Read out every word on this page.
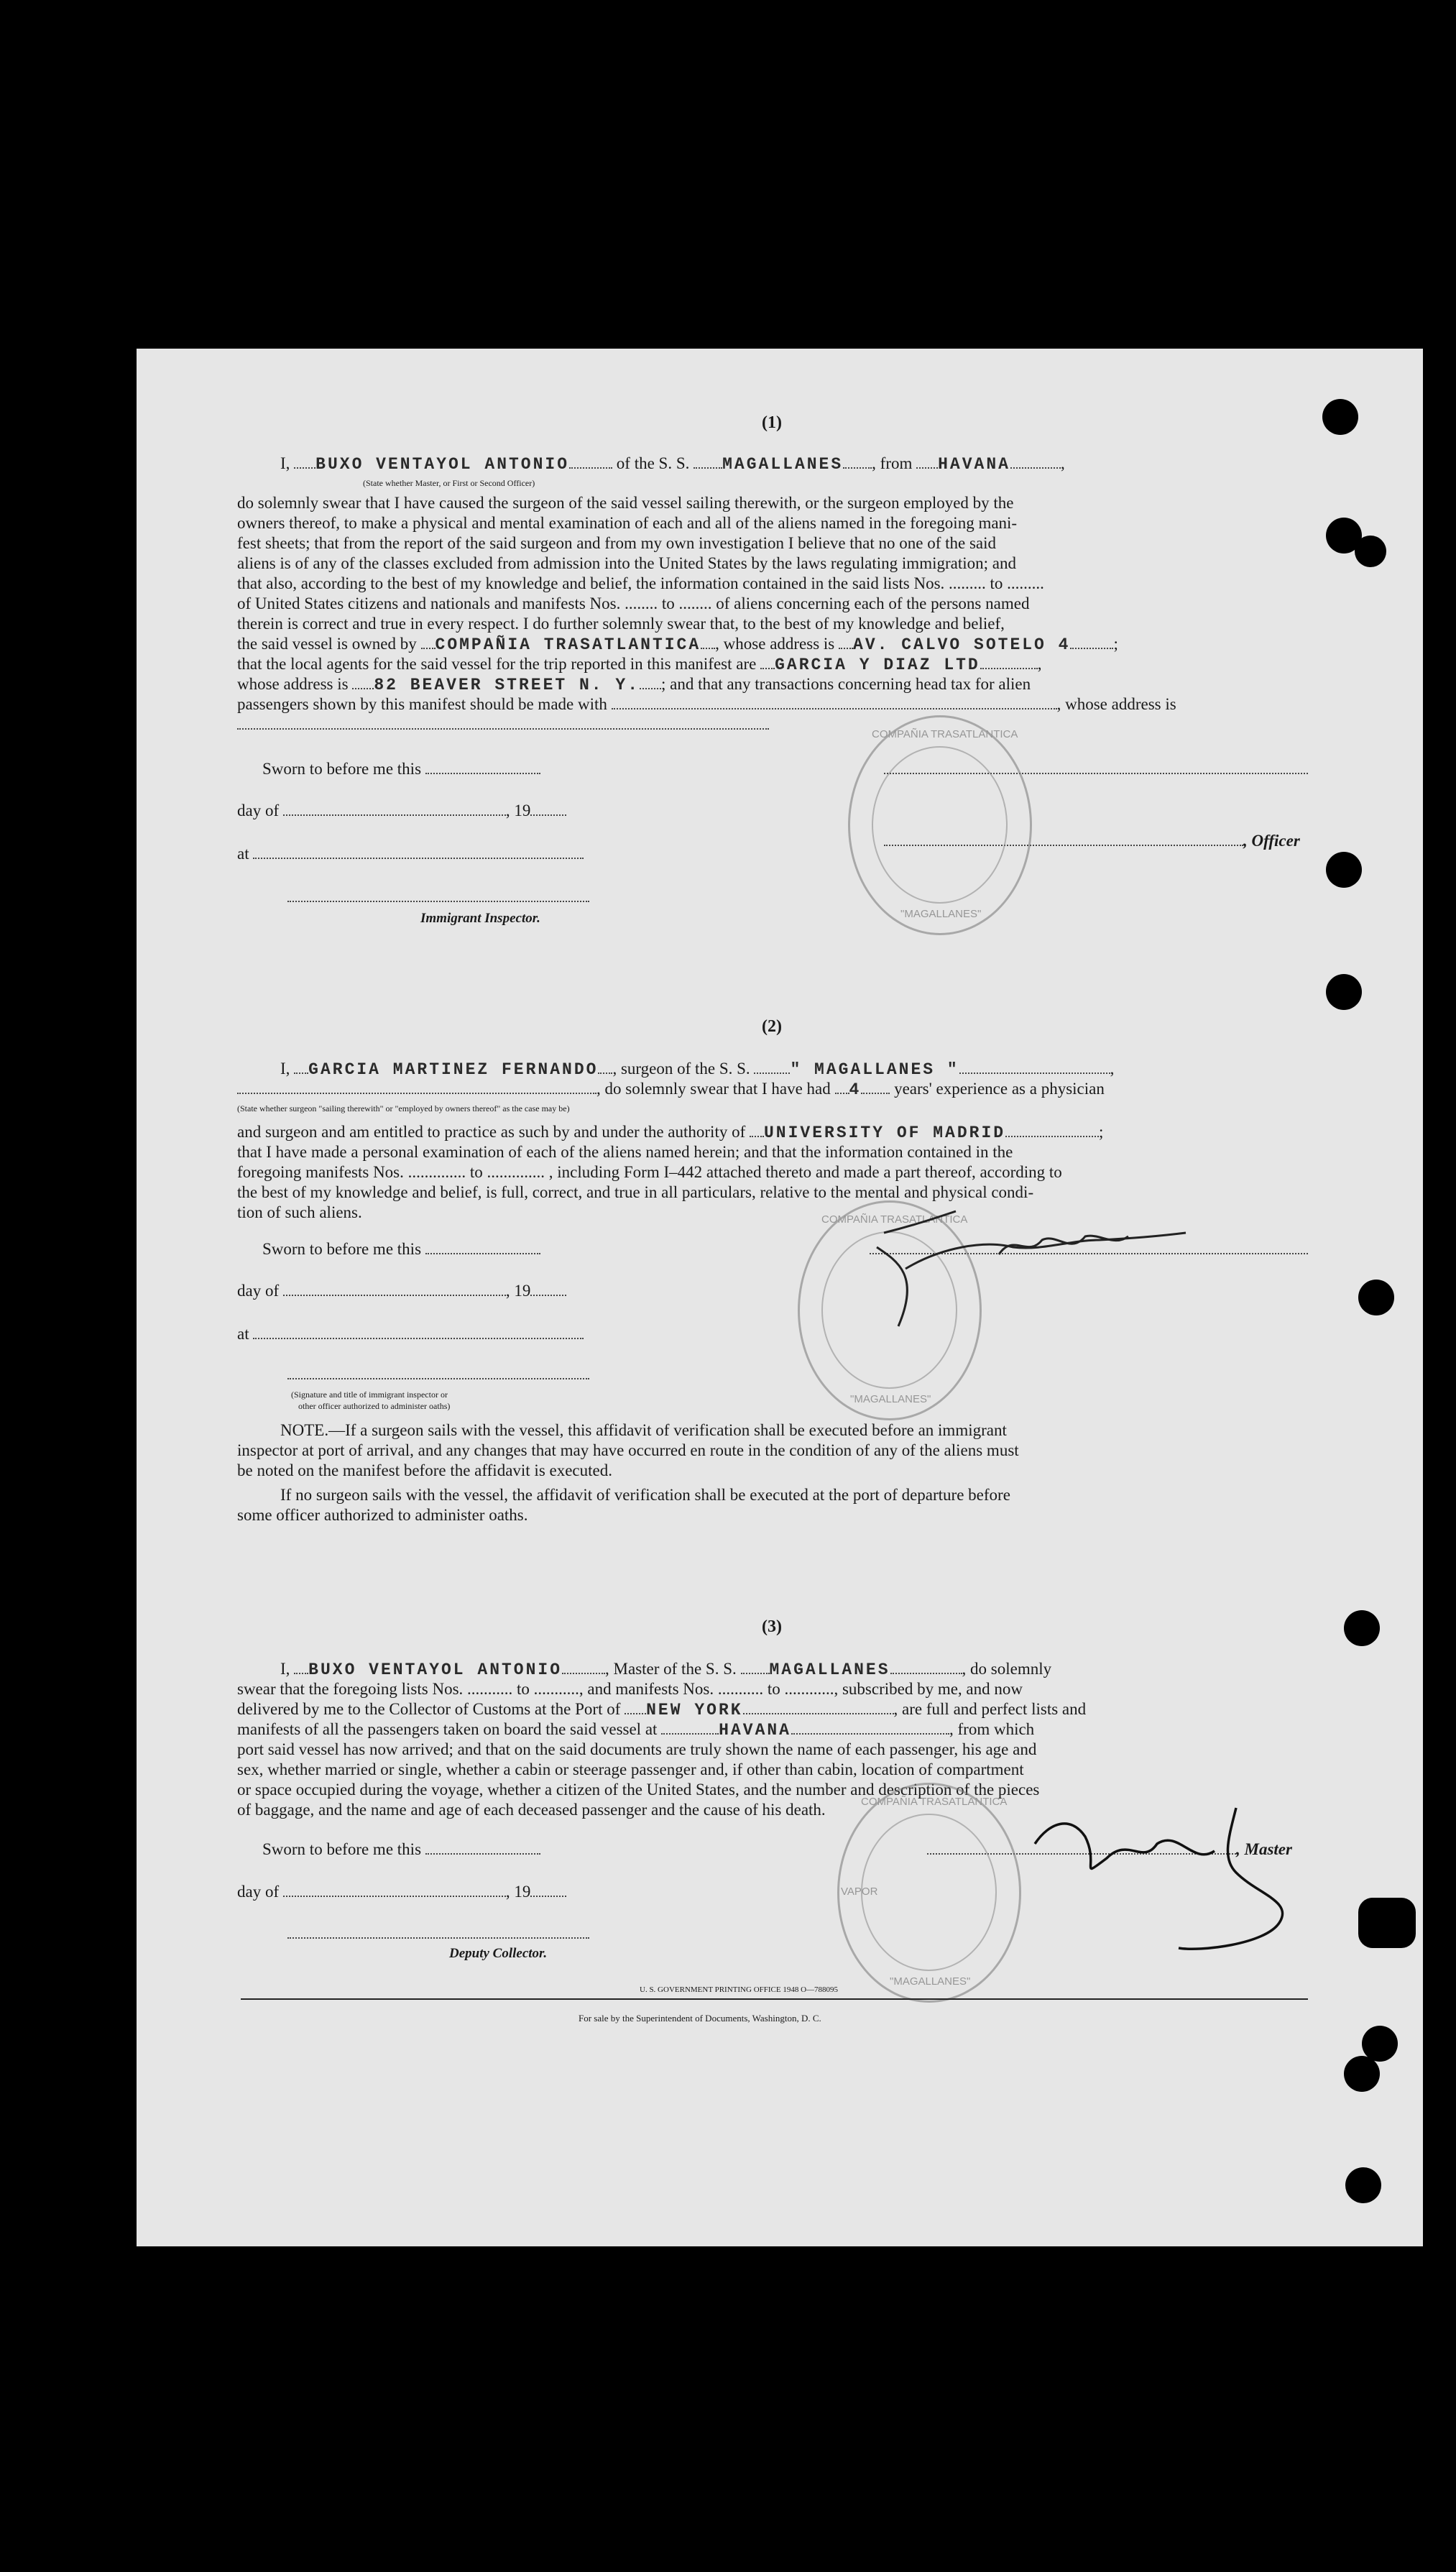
(1)
I, BUXO VENTAYOL ANTONIO	of the S. S. MAGALLANES , from HAVANA	,
(State whether Master, or First or Second Officer)
do solemnly swear that I have caused the surgeon of the said vessel sailing therewith, or the surgeon employed by the
owners thereof, to make a physical and mental examination of each and all of the aliens named in the foregoing mani-
fest sheets; that from the report of the said surgeon and from my own investigation I believe that no one of the said
aliens is of any of the classes excluded from admission into the United States by the laws regulating immigration; and
that also, according to the best of my knowledge and belief, the information contained in the said lists Nos. ......... to .........
of United States citizens and nationals and manifests Nos. ........ to ........ of aliens concerning each of the persons named
therein is correct and true in every respect. I do further solemnly swear that, to the best of my knowledge and belief,
the said vessel is owned by COMPAÑIA TRASATLANTICA , whose address is AV. CALVO SOTELO 4	;
that the local agents for the said vessel for the trip reported in this manifest are GARCIA Y DIAZ LTD	,
whose address is 82 BEAVER STREET N. Y. ; and that any transactions concerning head tax for alien
passengers shown by this manifest should be made with	, whose address is
Sworn to before me this
day of	, 19
, Officer
at
Immigrant Inspector.
COMPAÑIA TRASATLANTICA
"MAGALLANES"
(2)
I, GARCIA MARTINEZ FERNANDO , surgeon of the S. S. " MAGALLANES "	,
, do solemnly swear that I have had 4 years' experience as a physician
(State whether surgeon "sailing therewith" or "employed by owners thereof" as the case may be)
and surgeon and am entitled to practice as such by and under the authority of UNIVERSITY OF MADRID	;
that I have made a personal examination of each of the aliens named herein; and that the information contained in the
foregoing manifests Nos. .............. to .............. , including Form I–442 attached thereto and made a part thereof, according to
the best of my knowledge and belief, is full, correct, and true in all particulars, relative to the mental and physical condi-
tion of such aliens.
Sworn to before me this
day of	, 19
at
(Signature and title of immigrant inspector or
other officer authorized to administer oaths)
NOTE.—If a surgeon sails with the vessel, this affidavit of verification shall be executed before an immigrant
inspector at port of arrival, and any changes that may have occurred en route in the condition of any of the aliens must
be noted on the manifest before the affidavit is executed.
If no surgeon sails with the vessel, the affidavit of verification shall be executed at the port of departure before
some officer authorized to administer oaths.
COMPAÑIA TRASATLANTICA
"MAGALLANES"
(3)
I, BUXO VENTAYOL ANTONIO	, Master of the S. S. MAGALLANES	, do solemnly
swear that the foregoing lists Nos. ........... to ..........., and manifests Nos. ........... to ............, subscribed by me, and now
delivered by me to the Collector of Customs at the Port of NEW YORK	, are full and perfect lists and
manifests of all the passengers taken on board the said vessel at	HAVANA	, from which
port said vessel has now arrived; and that on the said documents are truly shown the name of each passenger, his age and
sex, whether married or single, whether a cabin or steerage passenger and, if other than cabin, location of compartment
or space occupied during the voyage, whether a citizen of the United States, and the number and description of the pieces
of baggage, and the name and age of each deceased passenger and the cause of his death.
Sworn to before me this	, Master
day of	, 19
Deputy Collector.
COMPAÑIA TRASATLANTICA
VAPOR
"MAGALLANES"
U. S. GOVERNMENT PRINTING OFFICE 1948 O—788095
For sale by the Superintendent of Documents, Washington, D. C.
